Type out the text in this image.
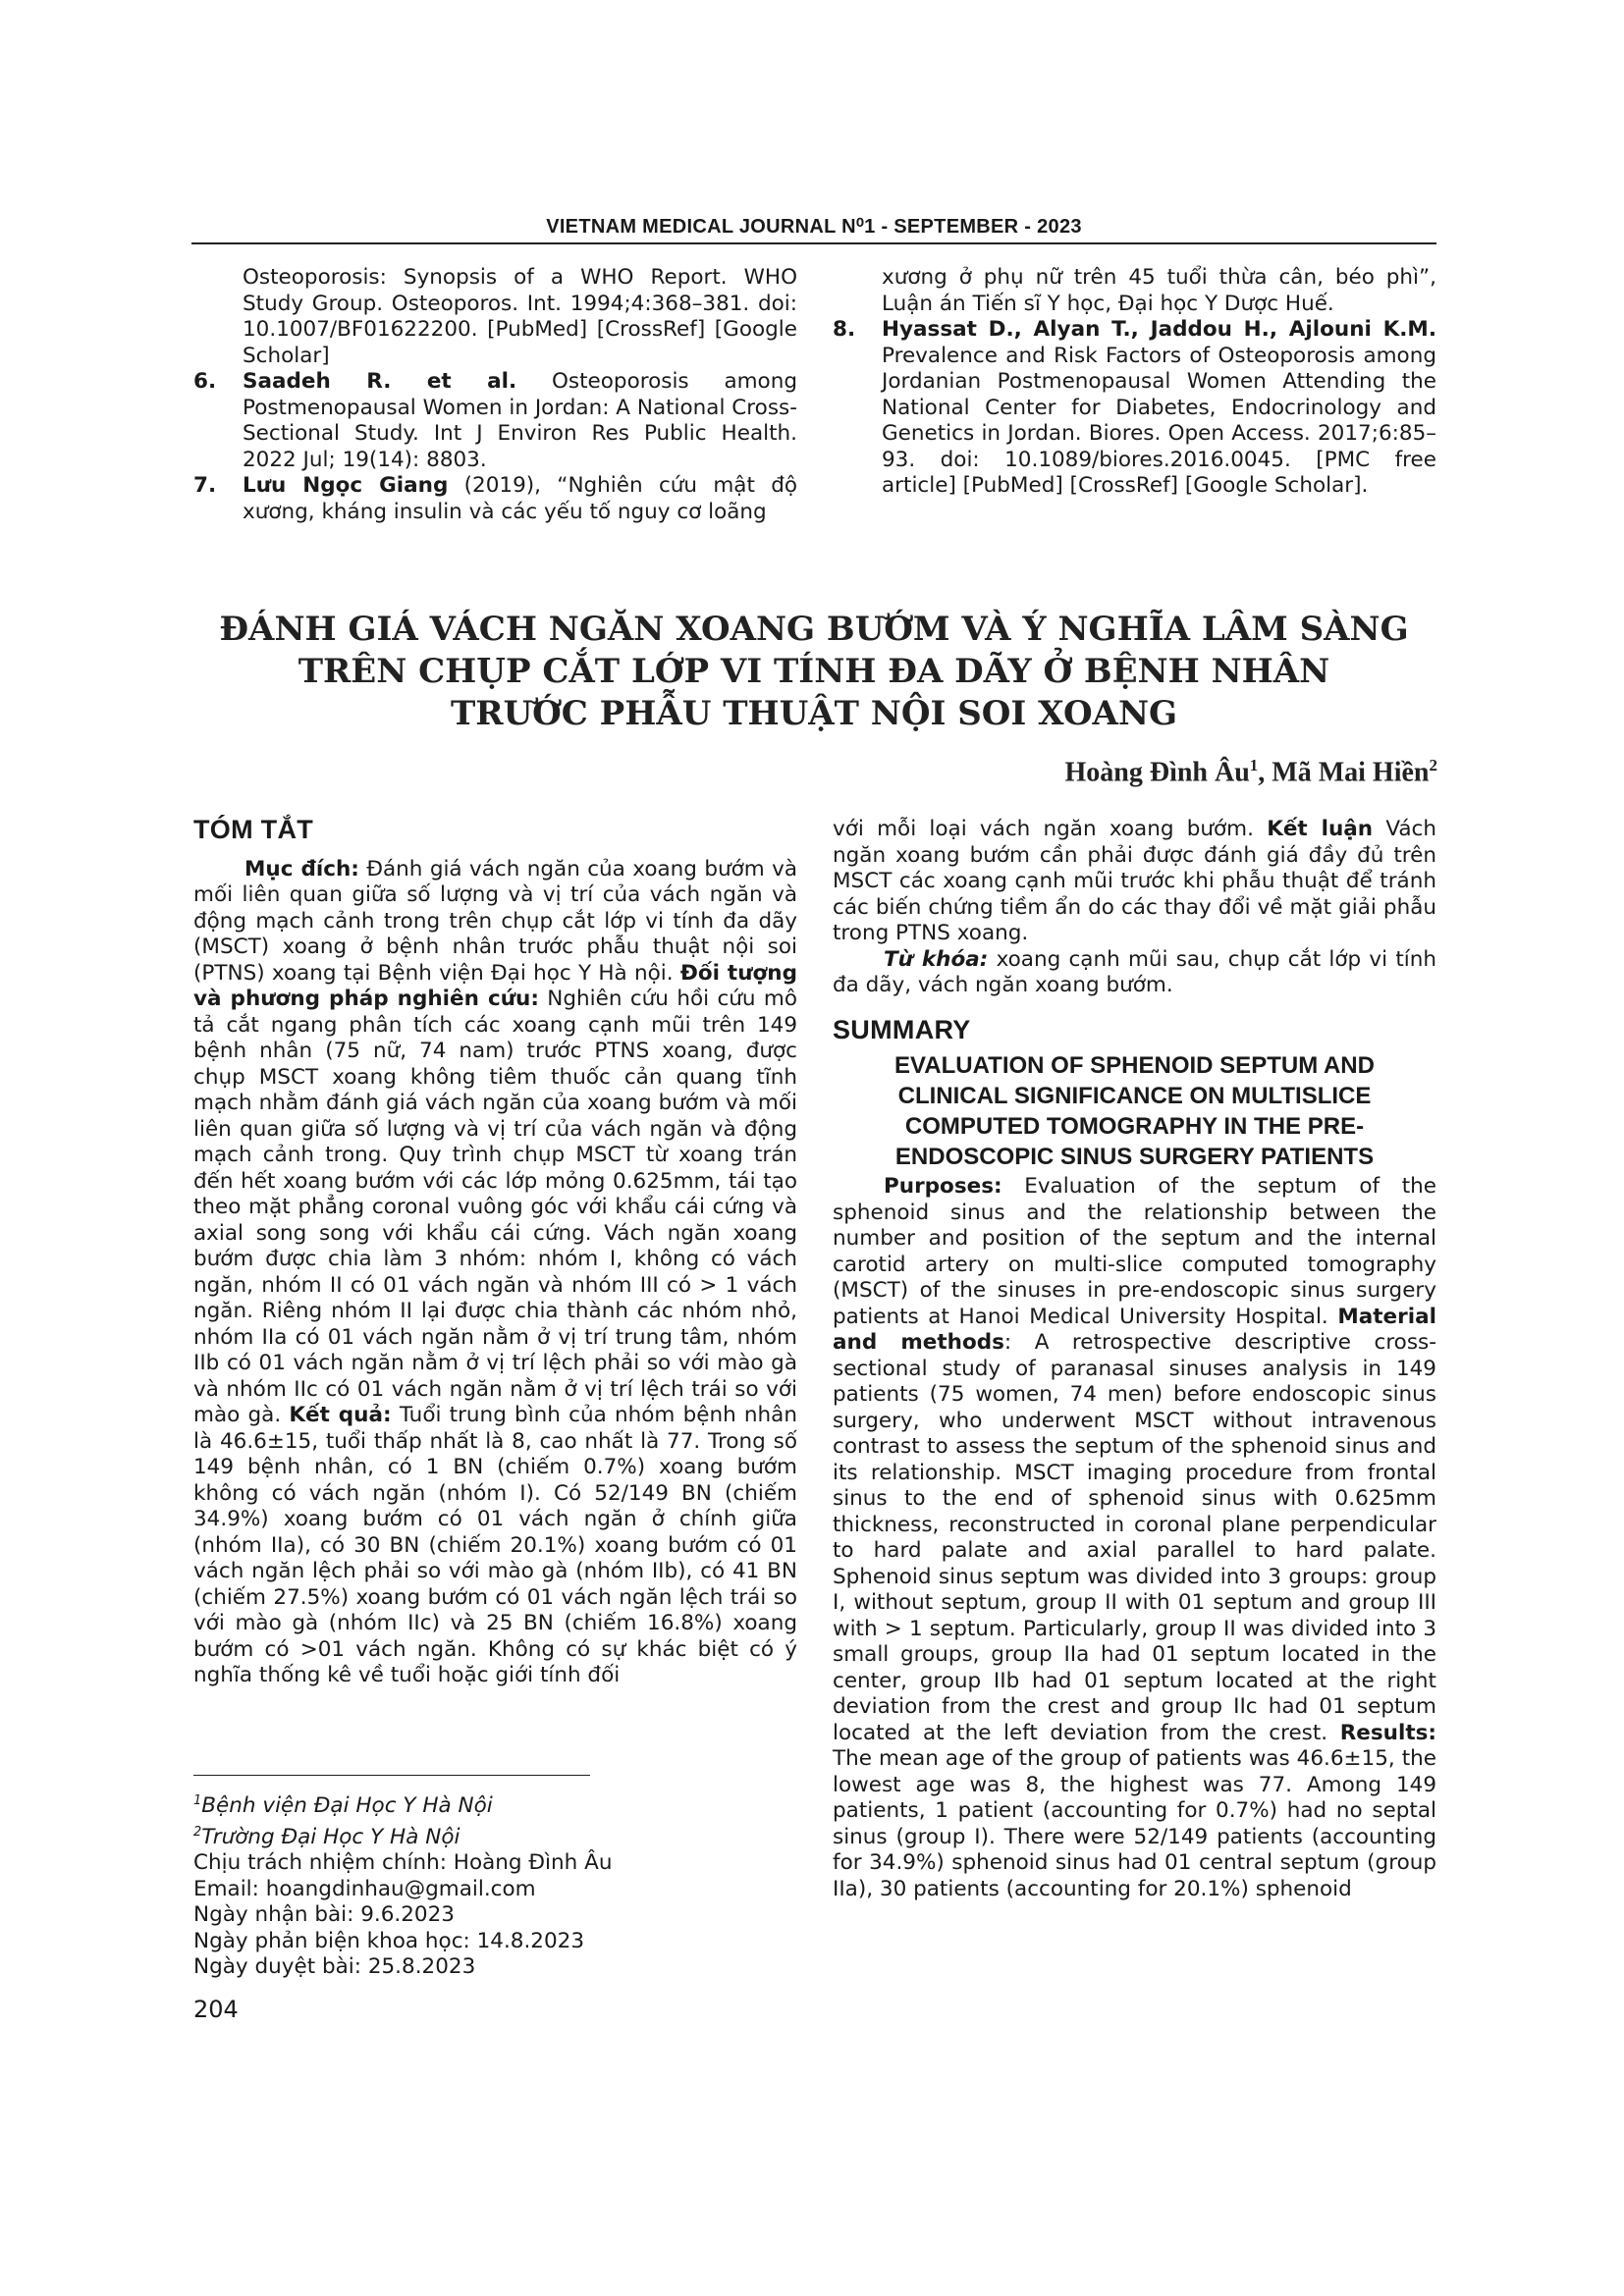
VIETNAM MEDICAL JOURNAL N⁰1 - SEPTEMBER - 2023
Osteoporosis: Synopsis of a WHO Report. WHO Study Group. Osteoporos. Int. 1994;4:368–381. doi: 10.1007/BF01622200. [PubMed] [CrossRef] [Google Scholar]
6.	Saadeh R. et al. Osteoporosis among Postmenopausal Women in Jordan: A National Cross-Sectional Study. Int J Environ Res Public Health. 2022 Jul; 19(14): 8803.
7.	Lưu Ngọc Giang (2019), “Nghiên cứu mật độ xương, kháng insulin và các yếu tố nguy cơ loãng
xương ở phụ nữ trên 45 tuổi thừa cân, béo phì”, Luận án Tiến sĩ Y học, Đại học Y Dược Huế.
8.	Hyassat D., Alyan T., Jaddou H., Ajlouni K.M. Prevalence and Risk Factors of Osteoporosis among Jordanian Postmenopausal Women Attending the National Center for Diabetes, Endocrinology and Genetics in Jordan. Biores. Open Access. 2017;6:85–93. doi: 10.1089/biores.2016.0045. [PMC free article] [PubMed] [CrossRef] [Google Scholar].
ĐÁNH GIÁ VÁCH NGĂN XOANG BƯỚM VÀ Ý NGHĨA LÂM SÀNG
TRÊN CHỤP CẮT LỚP VI TÍNH ĐA DÃY Ở BỆNH NHÂN
TRƯỚC PHẪU THUẬT NỘI SOI XOANG
Hoàng Đình $Âu^1$, Mã Mai Hiền$^2$
TÓM TẮT

Mục đích: Đánh giá vách ngăn của xoang bướm và mối liên quan giữa số lượng và vị trí của vách ngăn và động mạch cảnh trong trên chụp cắt lớp vi tính đa dãy (MSCT) xoang ở bệnh nhân trước phẫu thuật nội soi (PTNS) xoang tại Bệnh viện Đại học Y Hà nội. Đối tượng và phương pháp nghiên cứu: Nghiên cứu hồi cứu mô tả cắt ngang phân tích các xoang cạnh mũi trên 149 bệnh nhân (75 nữ, 74 nam) trước PTNS xoang, được chụp MSCT xoang không tiêm thuốc cản quang tĩnh mạch nhằm đánh giá vách ngăn của xoang bướm và mối liên quan giữa số lượng và vị trí của vách ngăn và động mạch cảnh trong. Quy trình chụp MSCT từ xoang trán đến hết xoang bướm với các lớp mỏng 0.625mm, tái tạo theo mặt phẳng coronal vuông góc với khẩu cái cứng và axial song song với khẩu cái cứng. Vách ngăn xoang bướm được chia làm 3 nhóm: nhóm I, không có vách ngăn, nhóm II có 01 vách ngăn và nhóm III có > 1 vách ngăn. Riêng nhóm II lại được chia thành các nhóm nhỏ, nhóm IIa có 01 vách ngăn nằm ở vị trí trung tâm, nhóm IIb có 01 vách ngăn nằm ở vị trí lệch phải so với mào gà và nhóm IIc có 01 vách ngăn nằm ở vị trí lệch trái so với mào gà. Kết quả: Tuổi trung bình của nhóm bệnh nhân là 46.6±15, tuổi thấp nhất là 8, cao nhất là 77. Trong số 149 bệnh nhân, có 1 BN (chiếm 0.7%) xoang bướm không có vách ngăn (nhóm I). Có 52/149 BN (chiếm 34.9%) xoang bướm có 01 vách ngăn ở chính giữa (nhóm IIa), có 30 BN (chiếm 20.1%) xoang bướm có 01 vách ngăn lệch phải so với mào gà (nhóm IIb), có 41 BN (chiếm 27.5%) xoang bướm có 01 vách ngăn lệch trái so với mào gà (nhóm IIc) và 25 BN (chiếm 16.8%) xoang bướm có >01 vách ngăn. Không có sự khác biệt có ý nghĩa thống kê về tuổi hoặc giới tính đối

với mỗi loại vách ngăn xoang bướm. Kết luận Vách ngăn xoang bướm cần phải được đánh giá đầy đủ trên MSCT các xoang cạnh mũi trước khi phẫu thuật để tránh các biến chứng tiềm ẩn do các thay đổi về mặt giải phẫu trong PTNS xoang.

Từ khóa: xoang cạnh mũi sau, chụp cắt lớp vi tính đa dãy, vách ngăn xoang bướm.

SUMMARY
EVALUATION OF SPHENOID SEPTUM AND
CLINICAL SIGNIFICANCE ON MULTISLICE
COMPUTED TOMOGRAPHY IN THE PRE-
ENDOSCOPIC SINUS SURGERY PATIENTS

Purposes: Evaluation of the septum of the sphenoid sinus and the relationship between the number and position of the septum and the internal carotid artery on multi-slice computed tomography (MSCT) of the sinuses in pre-endoscopic sinus surgery patients at Hanoi Medical University Hospital. Material and methods: A retrospective descriptive cross-sectional study of paranasal sinuses analysis in 149 patients (75 women, 74 men) before endoscopic sinus surgery, who underwent MSCT without intravenous contrast to assess the septum of the sphenoid sinus and its relationship. MSCT imaging procedure from frontal sinus to the end of sphenoid sinus with 0.625mm thickness, reconstructed in coronal plane perpendicular to hard palate and axial parallel to hard palate. Sphenoid sinus septum was divided into 3 groups: group I, without septum, group II with 01 septum and group III with > 1 septum. Particularly, group II was divided into 3 small groups, group IIa had 01 septum located in the center, group IIb had 01 septum located at the right deviation from the crest and group IIc had 01 septum located at the left deviation from the crest. Results: The mean age of the group of patients was 46.6±15, the lowest age was 8, the highest was 77. Among 149 patients, 1 patient (accounting for 0.7%) had no septal sinus (group I). There were 52/149 patients (accounting for 34.9%) sphenoid sinus had 01 central septum (group IIa), 30 patients (accounting for 20.1%) sphenoid

$^1$Bệnh viện Đại Học Y Hà Nội
$^2$Trường Đại Học Y Hà Nội
Chịu trách nhiệm chính: Hoàng Đình Âu
Email: hoangdinhau@gmail.com
Ngày nhận bài: 9.6.2023
Ngày phản biện khoa học: 14.8.2023
Ngày duyệt bài: 25.8.2023
204
